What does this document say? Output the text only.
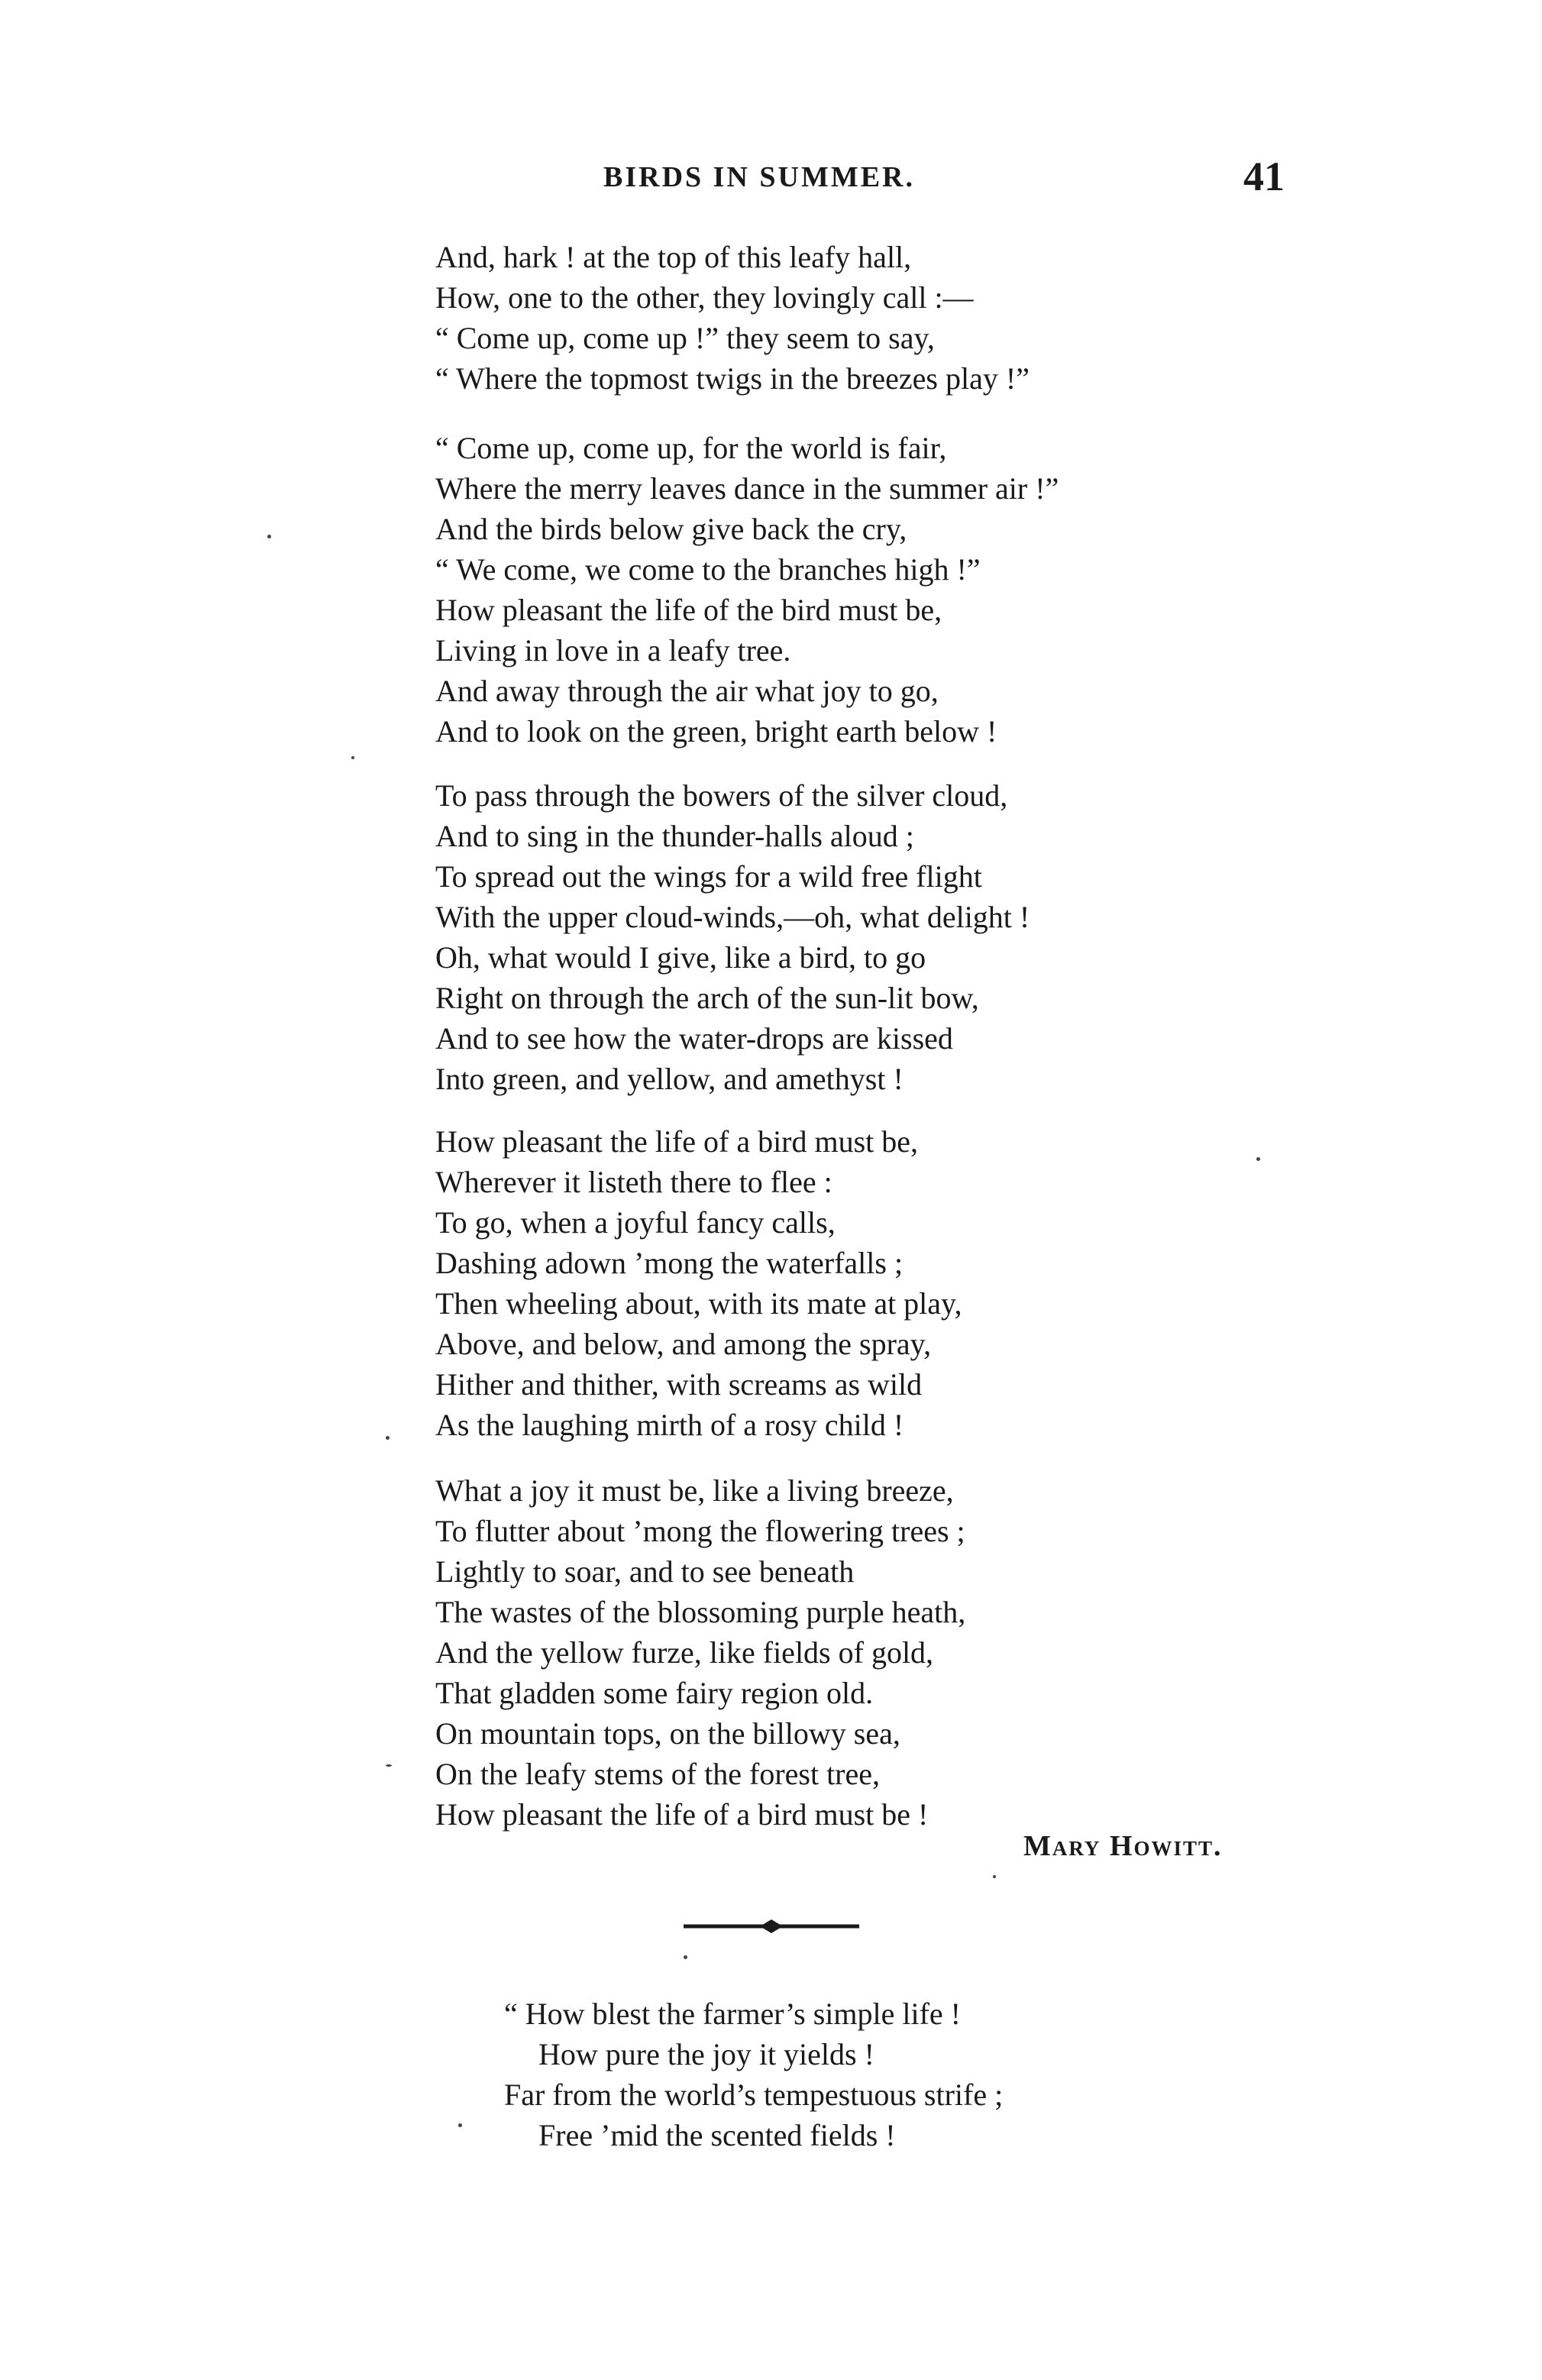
BIRDS IN SUMMER.	41
And, hark ! at the top of this leafy hall,
How, one to the other, they lovingly call :—
“ Come up, come up !” they seem to say,
“ Where the topmost twigs in the breezes play !”
“ Come up, come up, for the world is fair,
Where the merry leaves dance in the summer air !”
And the birds below give back the cry,
“ We come, we come to the branches high !”
How pleasant the life of the bird must be,
Living in love in a leafy tree.
And away through the air what joy to go,
And to look on the green, bright earth below !
To pass through the bowers of the silver cloud,
And to sing in the thunder-halls aloud ;
To spread out the wings for a wild free flight
With the upper cloud-winds,—oh, what delight !
Oh, what would I give, like a bird, to go
Right on through the arch of the sun-lit bow,
And to see how the water-drops are kissed
Into green, and yellow, and amethyst !
How pleasant the life of a bird must be,
Wherever it listeth there to flee :
To go, when a joyful fancy calls,
Dashing adown ’mong the waterfalls ;
Then wheeling about, with its mate at play,
Above, and below, and among the spray,
Hither and thither, with screams as wild
As the laughing mirth of a rosy child !
What a joy it must be, like a living breeze,
To flutter about ’mong the flowering trees ;
Lightly to soar, and to see beneath
The wastes of the blossoming purple heath,
And the yellow furze, like fields of gold,
That gladden some fairy region old.
On mountain tops, on the billowy sea,
On the leafy stems of the forest tree,
How pleasant the life of a bird must be !
Mary Howitt.
“ How blest the farmer’s simple life !
How pure the joy it yields !
Far from the world’s tempestuous strife ;
Free ’mid the scented fields !
